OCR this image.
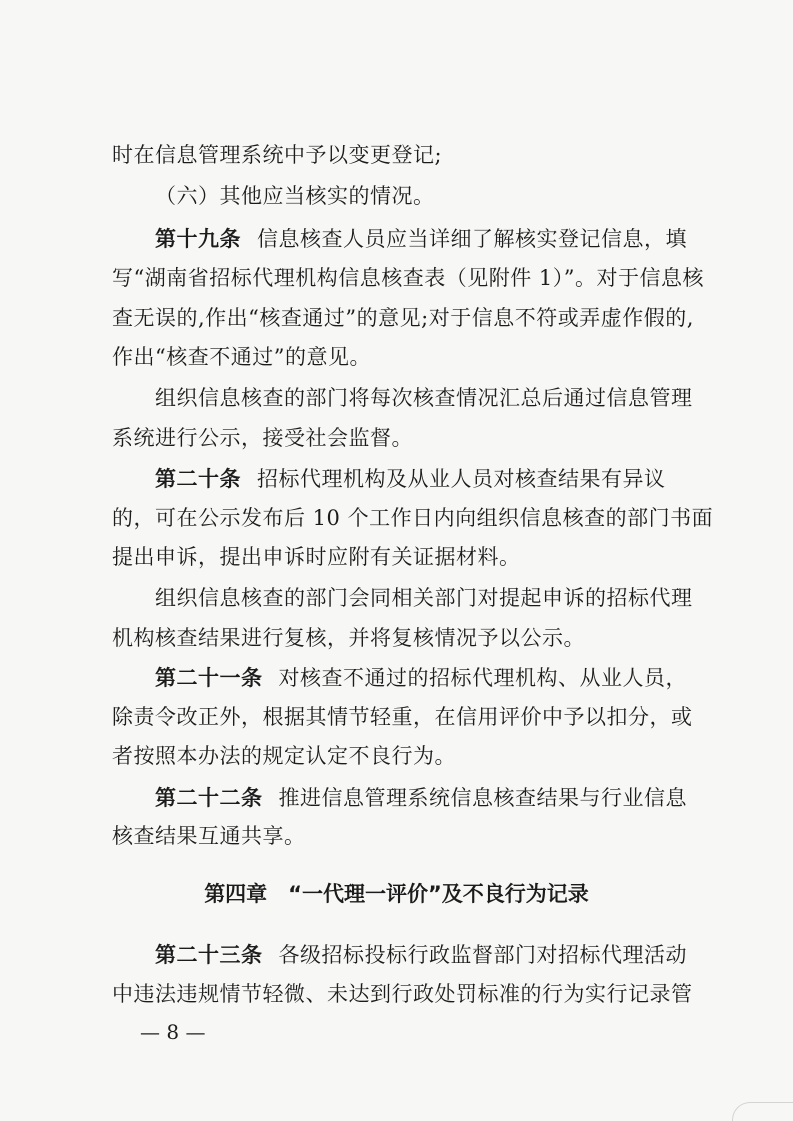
时在信息管理系统中予以变更登记;
（六）其他应当核实的情况。
第十九条 信息核查人员应当详细了解核实登记信息，填
写“湖南省招标代理机构信息核查表（见附件 1）”。对于信息核
查无误的,作出“核查通过”的意见;对于信息不符或弄虚作假的,
作出“核查不通过”的意见。
组织信息核查的部门将每次核查情况汇总后通过信息管理
系统进行公示，接受社会监督。
第二十条 招标代理机构及从业人员对核查结果有异议
的，可在公示发布后 10 个工作日内向组织信息核查的部门书面
提出申诉，提出申诉时应附有关证据材料。
组织信息核查的部门会同相关部门对提起申诉的招标代理
机构核查结果进行复核，并将复核情况予以公示。
第二十一条 对核查不通过的招标代理机构、从业人员，
除责令改正外，根据其情节轻重，在信用评价中予以扣分，或
者按照本办法的规定认定不良行为。
第二十二条 推进信息管理系统信息核查结果与行业信息
核查结果互通共享。
第四章　“一代理一评价”及不良行为记录
第二十三条 各级招标投标行政监督部门对招标代理活动
中违法违规情节轻微、未达到行政处罚标准的行为实行记录管
— 8 —
